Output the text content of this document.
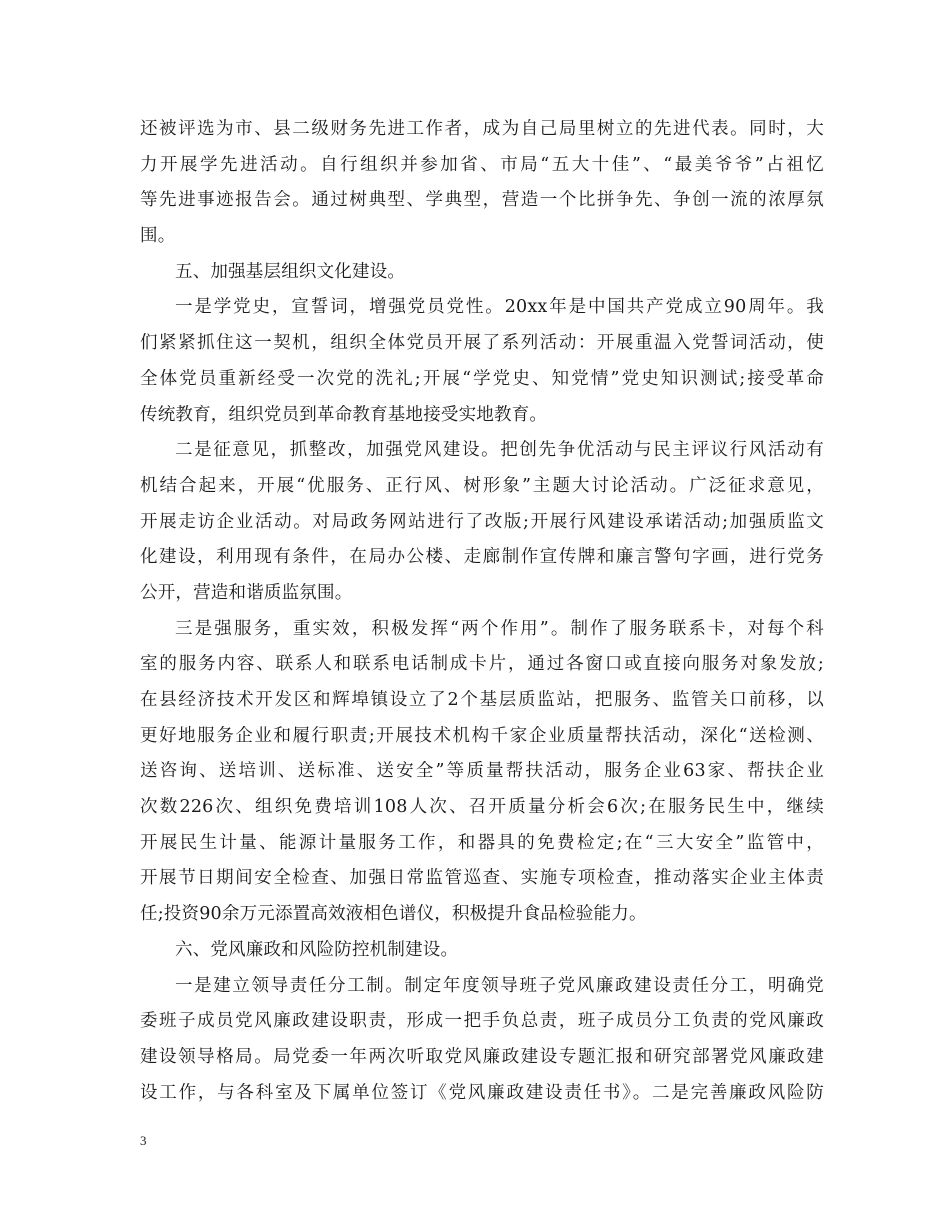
还被评选为市、县二级财务先进工作者，成为自己局里树立的先进代表。同时，大
力开展学先进活动。自行组织并参加省、市局“五大十佳”、“最美爷爷”占祖忆
等先进事迹报告会。通过树典型、学典型，营造一个比拼争先、争创一流的浓厚氛
围。
五、加强基层组织文化建设。
一是学党史，宣誓词，增强党员党性。20xx年是中国共产党成立90周年。我
们紧紧抓住这一契机，组织全体党员开展了系列活动：开展重温入党誓词活动，使
全体党员重新经受一次党的洗礼;开展“学党史、知党情”党史知识测试;接受革命
传统教育，组织党员到革命教育基地接受实地教育。
二是征意见，抓整改，加强党风建设。把创先争优活动与民主评议行风活动有
机结合起来，开展“优服务、正行风、树形象”主题大讨论活动。广泛征求意见，
开展走访企业活动。对局政务网站进行了改版;开展行风建设承诺活动;加强质监文
化建设，利用现有条件，在局办公楼、走廊制作宣传牌和廉言警句字画，进行党务
公开，营造和谐质监氛围。
三是强服务，重实效，积极发挥“两个作用”。制作了服务联系卡，对每个科
室的服务内容、联系人和联系电话制成卡片，通过各窗口或直接向服务对象发放;
在县经济技术开发区和辉埠镇设立了2个基层质监站，把服务、监管关口前移，以
更好地服务企业和履行职责;开展技术机构千家企业质量帮扶活动，深化“送检测、
送咨询、送培训、送标准、送安全”等质量帮扶活动，服务企业63家、帮扶企业
次数226次、组织免费培训108人次、召开质量分析会6次;在服务民生中，继续
开展民生计量、能源计量服务工作，和器具的免费检定;在“三大安全”监管中，
开展节日期间安全检查、加强日常监管巡查、实施专项检查，推动落实企业主体责
任;投资90余万元添置高效液相色谱仪，积极提升食品检验能力。
六、党风廉政和风险防控机制建设。
一是建立领导责任分工制。制定年度领导班子党风廉政建设责任分工，明确党
委班子成员党风廉政建设职责，形成一把手负总责，班子成员分工负责的党风廉政
建设领导格局。局党委一年两次听取党风廉政建设专题汇报和研究部署党风廉政建
设工作，与各科室及下属单位签订《党风廉政建设责任书》。二是完善廉政风险防
3
